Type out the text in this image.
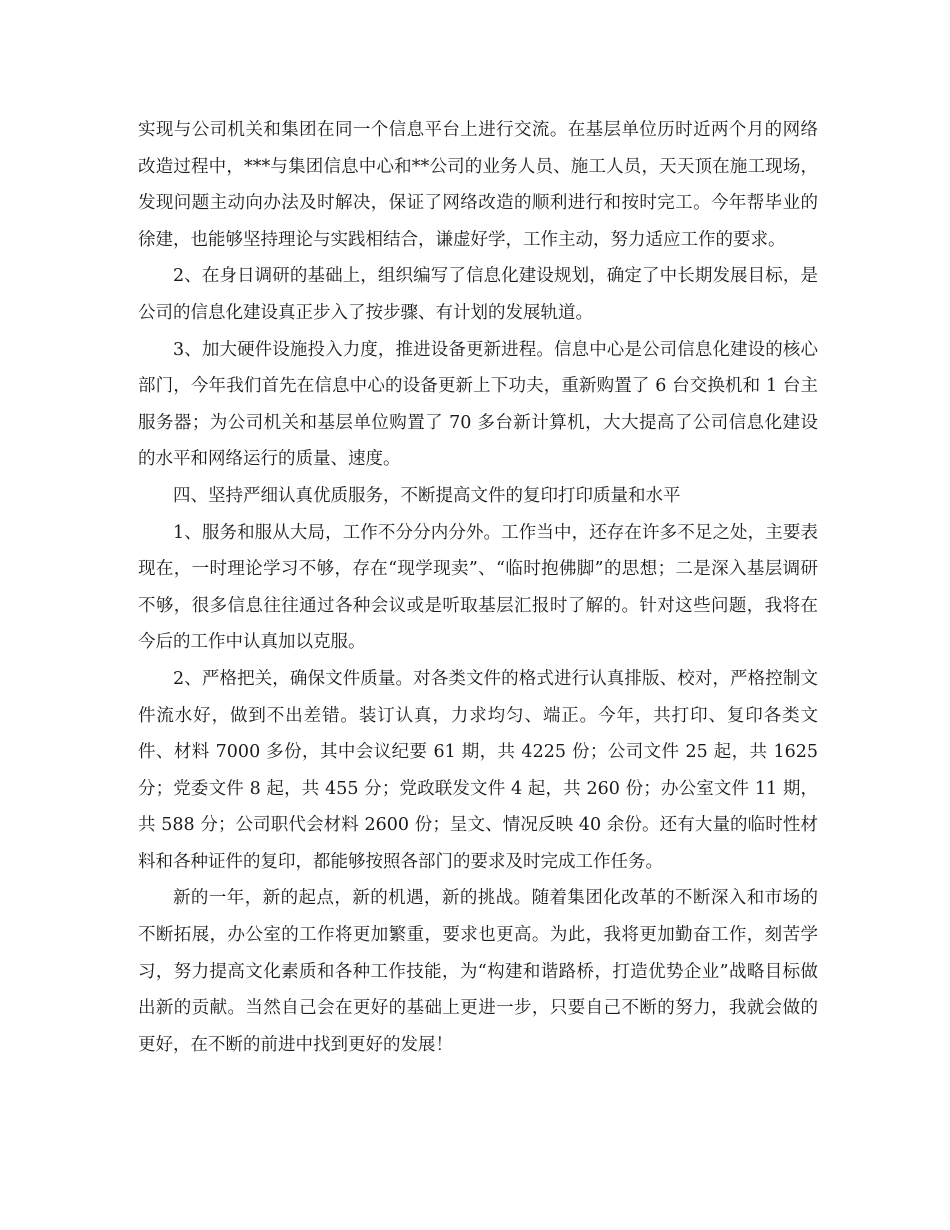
实现与公司机关和集团在同一个信息平台上进行交流。在基层单位历时近两个月的网络改造过程中，***与集团信息中心和**公司的业务人员、施工人员，天天顶在施工现场，发现问题主动向办法及时解决，保证了网络改造的顺利进行和按时完工。今年帮毕业的徐建，也能够坚持理论与实践相结合，谦虚好学，工作主动，努力适应工作的要求。

2、在身日调研的基础上，组织编写了信息化建设规划，确定了中长期发展目标，是公司的信息化建设真正步入了按步骤、有计划的发展轨道。

3、加大硬件设施投入力度，推进设备更新进程。信息中心是公司信息化建设的核心部门，今年我们首先在信息中心的设备更新上下功夫，重新购置了 6 台交换机和 1 台主服务器；为公司机关和基层单位购置了 70 多台新计算机，大大提高了公司信息化建设的水平和网络运行的质量、速度。

四、坚持严细认真优质服务，不断提高文件的复印打印质量和水平

1、服务和服从大局，工作不分分内分外。工作当中，还存在许多不足之处，主要表现在，一时理论学习不够，存在“现学现卖”、“临时抱佛脚”的思想；二是深入基层调研不够，很多信息往往通过各种会议或是听取基层汇报时了解的。针对这些问题，我将在今后的工作中认真加以克服。

2、严格把关，确保文件质量。对各类文件的格式进行认真排版、校对，严格控制文件流水好，做到不出差错。装订认真，力求均匀、端正。今年，共打印、复印各类文件、材料 7000 多份，其中会议纪要 61 期，共 4225 份；公司文件 25 起，共 1625 分；党委文件 8 起，共 455 分；党政联发文件 4 起，共 260 份；办公室文件 11 期，共 588 分；公司职代会材料 2600 份；呈文、情况反映 40 余份。还有大量的临时性材料和各种证件的复印，都能够按照各部门的要求及时完成工作任务。

新的一年，新的起点，新的机遇，新的挑战。随着集团化改革的不断深入和市场的不断拓展，办公室的工作将更加繁重，要求也更高。为此，我将更加勤奋工作，刻苦学习，努力提高文化素质和各种工作技能，为“构建和谐路桥，打造优势企业”战略目标做出新的贡献。当然自己会在更好的基础上更进一步，只要自己不断的努力，我就会做的更好，在不断的前进中找到更好的发展！
